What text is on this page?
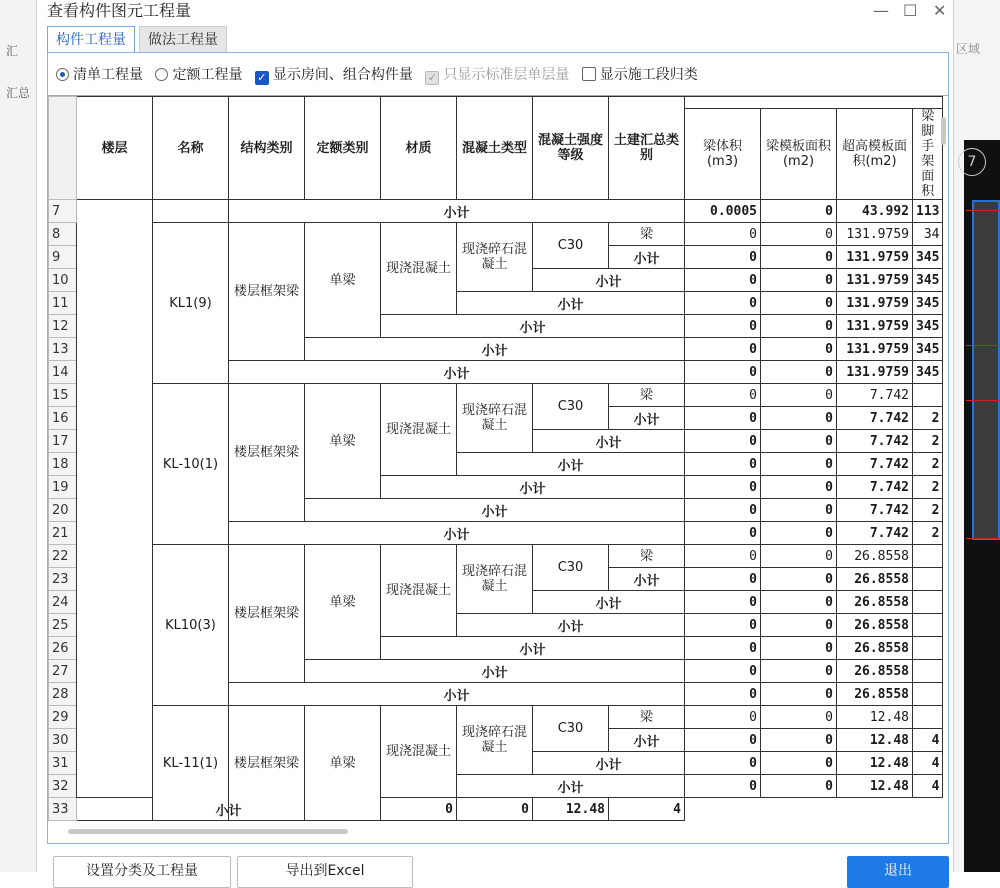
汇
汇总
区域
7
查看构件图元工程量	— ☐ ✕
构件工程量	做法工程量
清单工程量 定额工程量 ✓ 显示房间、组合构件量 ✓ 只显示标准层单层量 显示施工段归类
	楼层	名称	结构类别	定额类别	材质	混凝土类型	混凝土强度等级	土建汇总类别				
									梁体积(m3)	梁模板面积(m2)	超高模板面积(m2)	梁脚手架面积
7			小计						0.0005	0	43.992	113
8		KL1(9)	楼层框架梁	单梁	现浇混凝土	现浇碎石混凝土	C30	梁	0	0	131.9759	34
9								小计	0	0	131.9759	345
10							小计		0	0	131.9759	345
11						小计			0	0	131.9759	345
12					小计				0	0	131.9759	345
13				小计					0	0	131.9759	345
14			小计						0	0	131.9759	345
15		KL-10(1)	楼层框架梁	单梁	现浇混凝土	现浇碎石混凝土	C30	梁	0	0	7.742	
16								小计	0	0	7.742	2
17							小计		0	0	7.742	2
18						小计			0	0	7.742	2
19					小计				0	0	7.742	2
20				小计					0	0	7.742	2
21			小计						0	0	7.742	2
22		KL10(3)	楼层框架梁	单梁	现浇混凝土	现浇碎石混凝土	C30	梁	0	0	26.8558	
23								小计	0	0	26.8558	
24							小计		0	0	26.8558	
25						小计			0	0	26.8558	
26					小计				0	0	26.8558	
27				小计					0	0	26.8558	
28			小计						0	0	26.8558	
29		KL-11(1)	楼层框架梁	单梁	现浇混凝土	现浇碎石混凝土	C30	梁	0	0	12.48	
30								小计	0	0	12.48	4
31							小计		0	0	12.48	4
32						小计			0	0	12.48	4
33	小计				0	0	12.48	4				
设置分类及工程量	导出到Excel	退出
